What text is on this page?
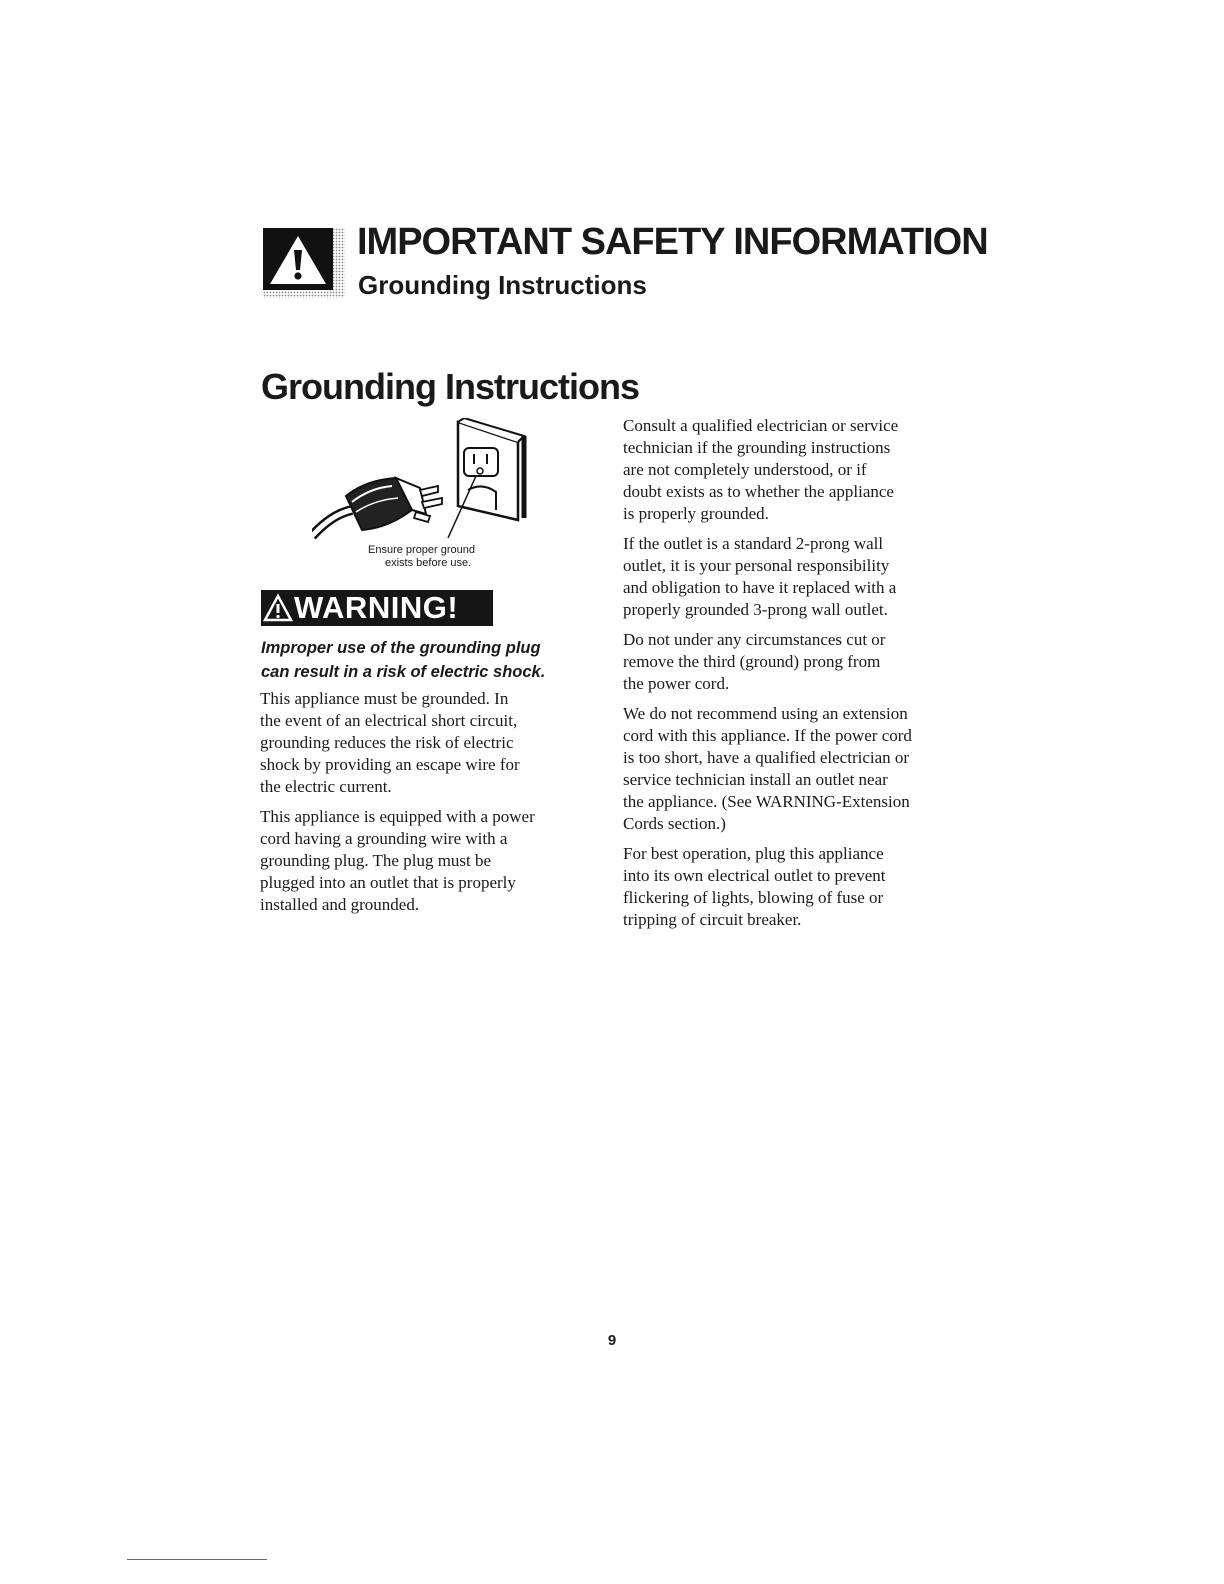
IMPORTANT SAFETY INFORMATION
Grounding Instructions
Grounding Instructions
Ensure proper ground
exists before use.
WARNING!
Improper use of the grounding plug
can result in a risk of electric shock.

This appliance must be grounded. In
the event of an electrical short circuit,
grounding reduces the risk of electric
shock by providing an escape wire for
the electric current.

This appliance is equipped with a power
cord having a grounding wire with a
grounding plug. The plug must be
plugged into an outlet that is properly
installed and grounded.

Consult a qualified electrician or service
technician if the grounding instructions
are not completely understood, or if
doubt exists as to whether the appliance
is properly grounded.

If the outlet is a standard 2-prong wall
outlet, it is your personal responsibility
and obligation to have it replaced with a
properly grounded 3-prong wall outlet.

Do not under any circumstances cut or
remove the third (ground) prong from
the power cord.

We do not recommend using an extension
cord with this appliance. If the power cord
is too short, have a qualified electrician or
service technician install an outlet near
the appliance. (See WARNING-Extension
Cords section.)

For best operation, plug this appliance
into its own electrical outlet to prevent
flickering of lights, blowing of fuse or
tripping of circuit breaker.

9
